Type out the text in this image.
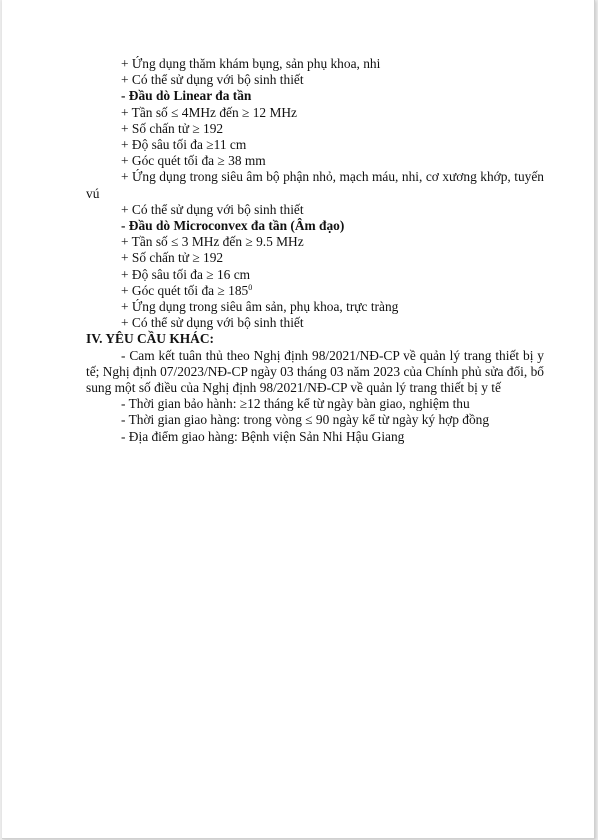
+ Ứng dụng thăm khám bụng, sản phụ khoa, nhi
+ Có thể sử dụng với bộ sinh thiết
- Đầu dò Linear đa tần
+ Tần số ≤ 4MHz đến ≥ 12 MHz
+ Số chấn tử ≥ 192
+ Độ sâu tối đa ≥11 cm
+ Góc quét tối đa ≥ 38 mm
+ Ứng dụng trong siêu âm bộ phận nhỏ, mạch máu, nhi, cơ xương khớp, tuyến vú
+ Có thể sử dụng với bộ sinh thiết
- Đầu dò Microconvex đa tần (Âm đạo)
+ Tần số ≤ 3 MHz đến ≥ 9.5 MHz
+ Số chấn tử ≥ 192
+ Độ sâu tối đa ≥ 16 cm
+ Góc quét tối đa ≥ $185^0$
+ Ứng dụng trong siêu âm sản, phụ khoa, trực tràng
+ Có thể sử dụng với bộ sinh thiết
IV. YÊU CẦU KHÁC:
- Cam kết tuân thủ theo Nghị định 98/2021/NĐ-CP về quản lý trang thiết bị y tế; Nghị định 07/2023/NĐ-CP ngày 03 tháng 03 năm 2023 của Chính phủ sửa đổi, bổ sung một số điều của Nghị định 98/2021/NĐ-CP về quản lý trang thiết bị y tế
- Thời gian bảo hành: ≥12 tháng kể từ ngày bàn giao, nghiệm thu
- Thời gian giao hàng: trong vòng ≤ 90 ngày kể từ ngày ký hợp đồng
- Địa điểm giao hàng: Bệnh viện Sản Nhi Hậu Giang
